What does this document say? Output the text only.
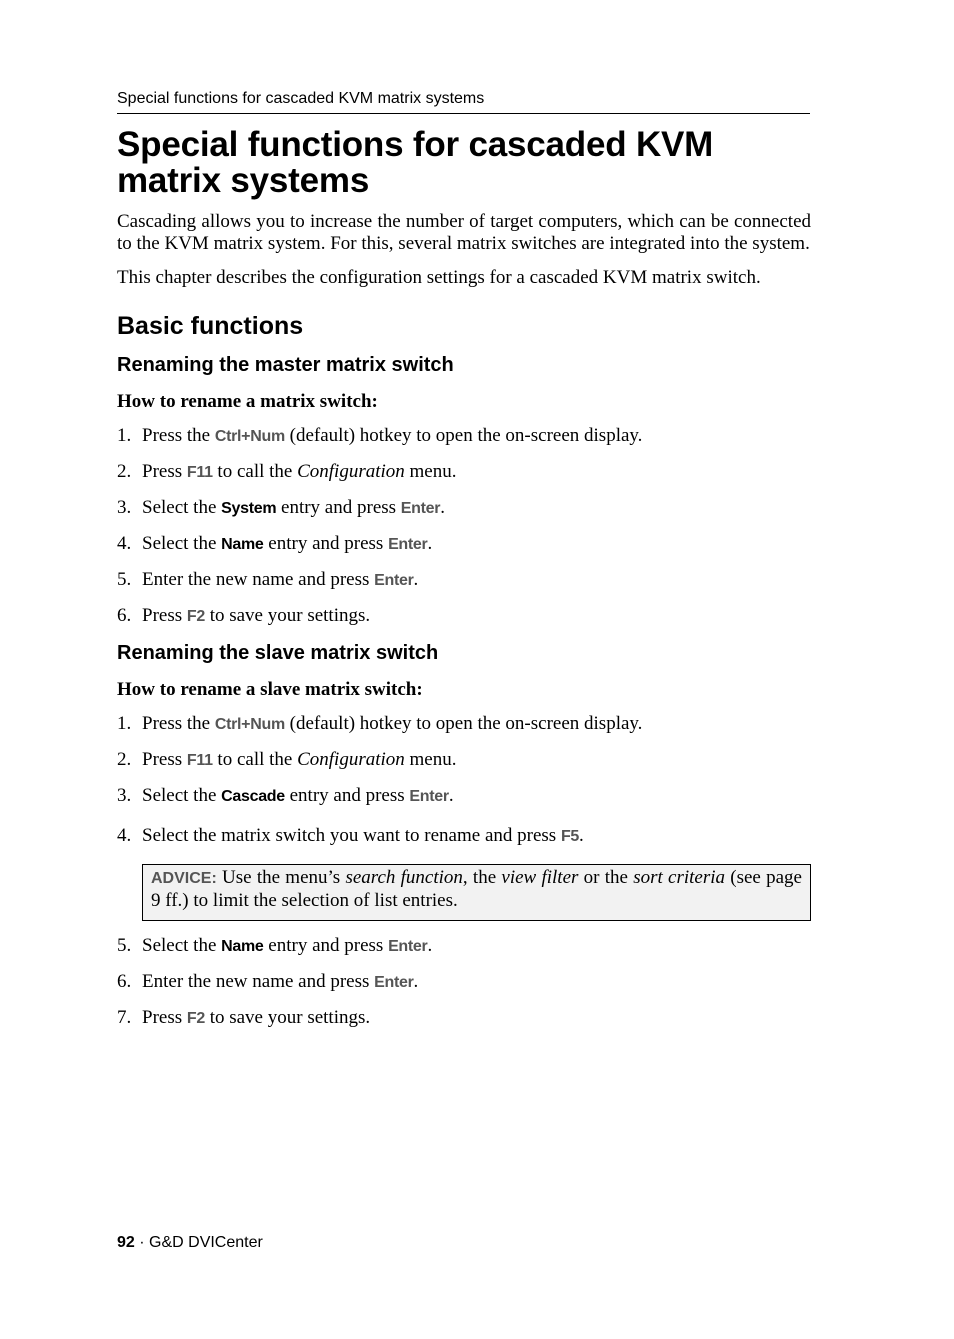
Special functions for cascaded KVM matrix systems
Special functions for cascaded KVM matrix systems

Cascading allows you to increase the number of target computers, which can be connected to the KVM matrix system. For this, several matrix switches are integrated into the system.

This chapter describes the configuration settings for a cascaded KVM matrix switch.

Basic functions
Renaming the master matrix switch
How to rename a matrix switch:
1. Press the Ctrl+Num (default) hotkey to open the on-screen display.
2. Press F11 to call the Configuration menu.
3. Select the System entry and press Enter.
4. Select the Name entry and press Enter.
5. Enter the new name and press Enter.
6. Press F2 to save your settings.
Renaming the slave matrix switch
How to rename a slave matrix switch:
1. Press the Ctrl+Num (default) hotkey to open the on-screen display.
2. Press F11 to call the Configuration menu.
3. Select the Cascade entry and press Enter.
4. Select the matrix switch you want to rename and press F5.
ADVICE: Use the menu’s search function, the view filter or the sort criteria (see page 9 ff.) to limit the selection of list entries.
5. Select the Name entry and press Enter.
6. Enter the new name and press Enter.
7. Press F2 to save your settings.
92 · G&D DVICenter
